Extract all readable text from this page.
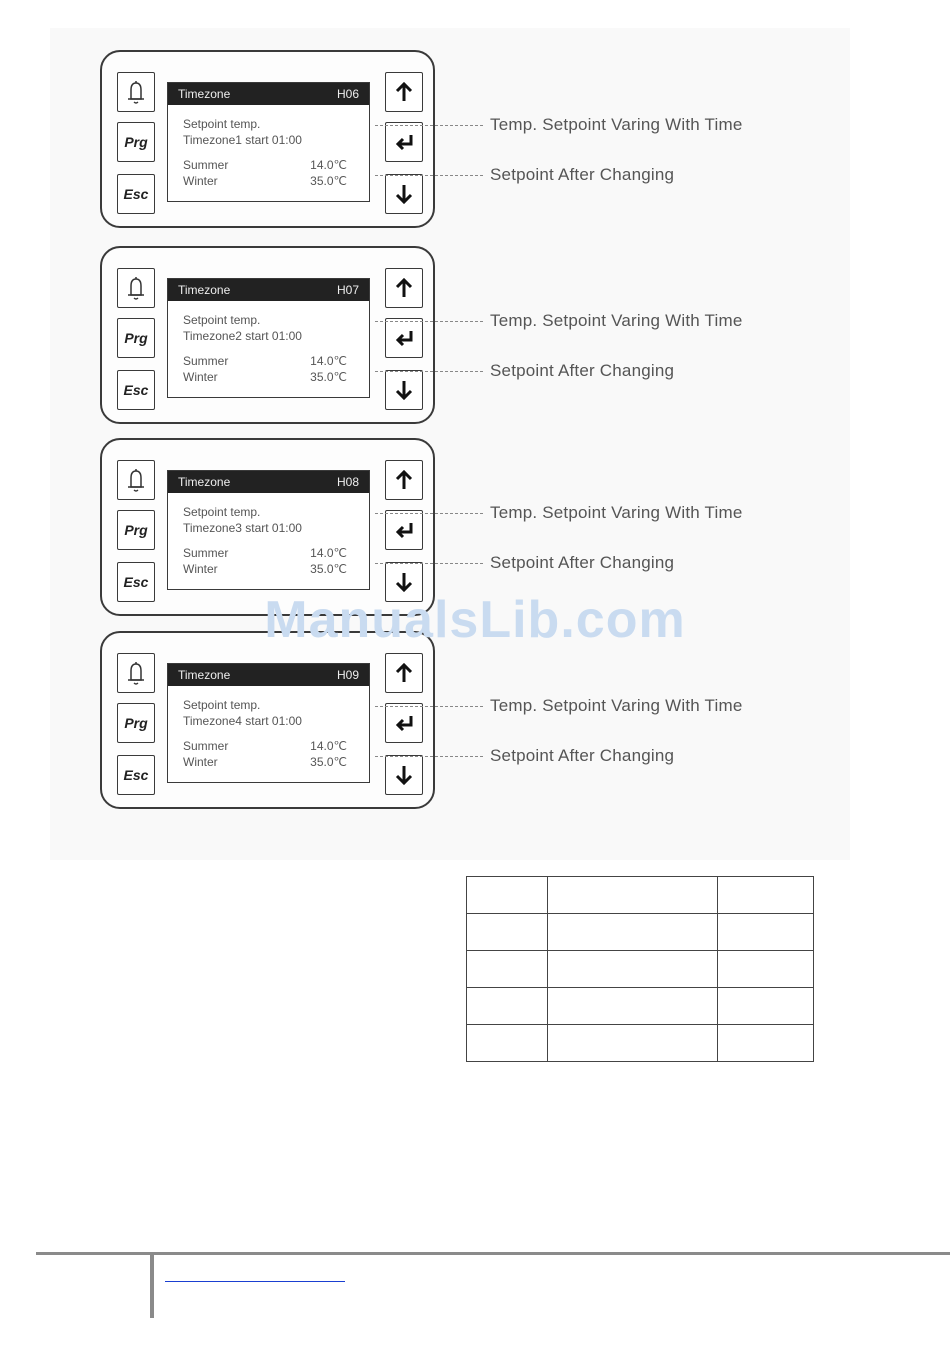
Prg
Esc
Timezone	H06
Setpoint temp.
Timezone1 start 01:00
Summer	14.0℃
Winter	35.0℃
Temp. Setpoint Varing With Time
Setpoint After Changing
Prg
Esc
Timezone	H07
Setpoint temp.
Timezone2 start 01:00
Summer	14.0℃
Winter	35.0℃
Temp. Setpoint Varing With Time
Setpoint After Changing
Prg
Esc
Timezone	H08
Setpoint temp.
Timezone3 start 01:00
Summer	14.0℃
Winter	35.0℃
Temp. Setpoint Varing With Time
Setpoint After Changing
Prg
Esc
Timezone	H09
Setpoint temp.
Timezone4 start 01:00
Summer	14.0℃
Winter	35.0℃
Temp. Setpoint Varing With Time
Setpoint After Changing
ManualsLib.com
